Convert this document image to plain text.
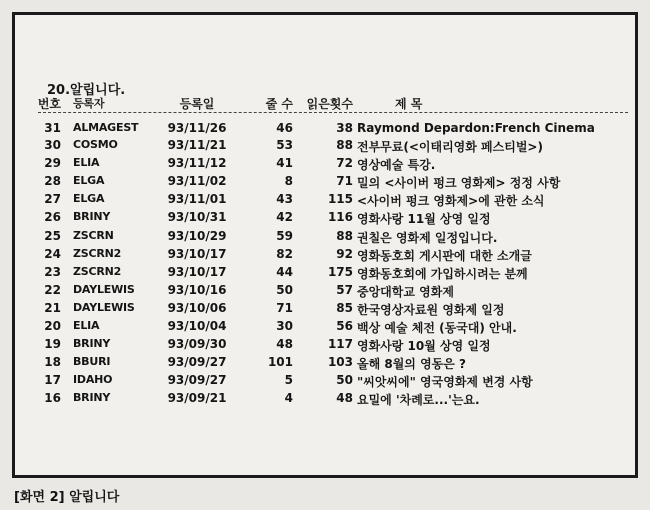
20.알립니다.
번호 등록자	등록일	줄 수	읽은횟수	제 목
31 ALMAGEST	93/11/26	46	38 Raymond Depardon:French Cinema
30 COSMO	93/11/21	53	88 전부무료(<이태리영화 페스티벌>)
29 ELIA	93/11/12	41	72 영상예술 특강.
28 ELGA	93/11/02	8	71 밀의 <사이버 펑크 영화제> 정정 사항
27 ELGA	93/11/01	43	115 <사이버 펑크 영화제>에 관한 소식
26 BRINY	93/10/31	42	116 영화사랑 11월 상영 일정
25 ZSCRN	93/10/29	59	88 권칠은 영화제 일정입니다.
24 ZSCRN2	93/10/17	82	92 영화동호회 게시판에 대한 소개글
23 ZSCRN2	93/10/17	44	175 영화동호회에 가입하시려는 분께
22 DAYLEWIS	93/10/16	50	57 중앙대학교 영화제
21 DAYLEWIS	93/10/06	71	85 한국영상자료원 영화제 일정
20 ELIA	93/10/04	30	56 백상 예술 체전 (동국대) 안내.
19 BRINY	93/09/30	48	117 영화사랑 10월 상영 일정
18 BBURI	93/09/27	101	103 올해 8월의 영동은 ?
17 IDAHO	93/09/27	5	50 "씨앗씨에" 영국영화제 변경 사항
16 BRINY	93/09/21	4	48 요밀에 '차례로...'는요.
[화면 2] 알립니다
